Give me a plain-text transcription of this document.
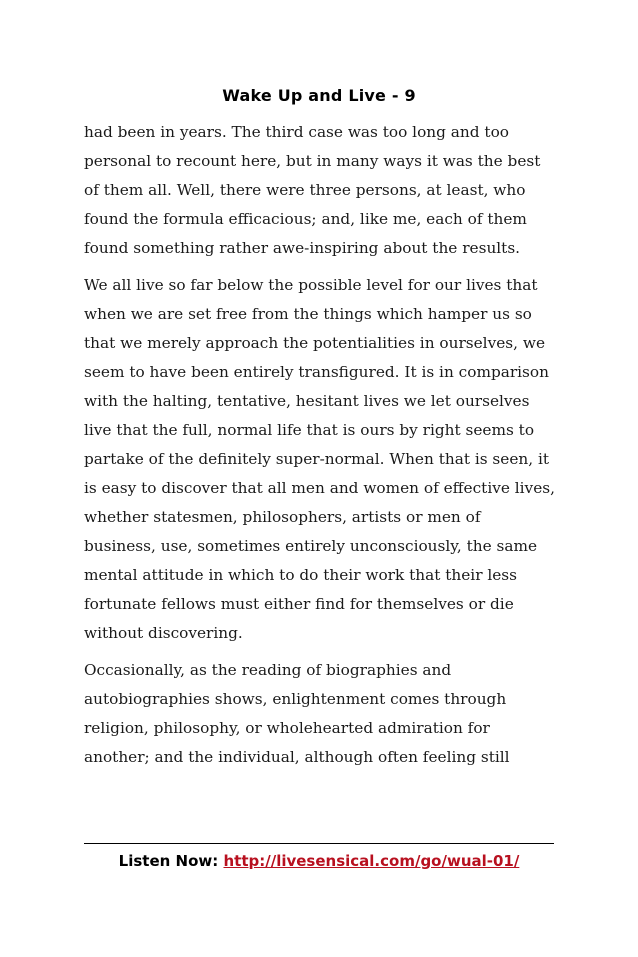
Wake Up and Live - 9
had been in years. The third case was too long and too
personal to recount here, but in many ways it was the best
of them all. Well, there were three persons, at least, who
found the formula efficacious; and, like me, each of them
found something rather awe-inspiring about the results.
We all live so far below the possible level for our lives that
when we are set free from the things which hamper us so
that we merely approach the potentialities in ourselves, we
seem to have been entirely transfigured. It is in comparison
with the halting, tentative, hesitant lives we let ourselves
live that the full, normal life that is ours by right seems to
partake of the definitely super-normal. When that is seen, it
is easy to discover that all men and women of effective lives,
whether statesmen, philosophers, artists or men of
business, use, sometimes entirely unconsciously, the same
mental attitude in which to do their work that their less
fortunate fellows must either find for themselves or die
without discovering.
Occasionally, as the reading of biographies and
autobiographies shows, enlightenment comes through
religion, philosophy, or wholehearted admiration for
another; and the individual, although often feeling still
Listen Now: http://livesensical.com/go/wual-01/
